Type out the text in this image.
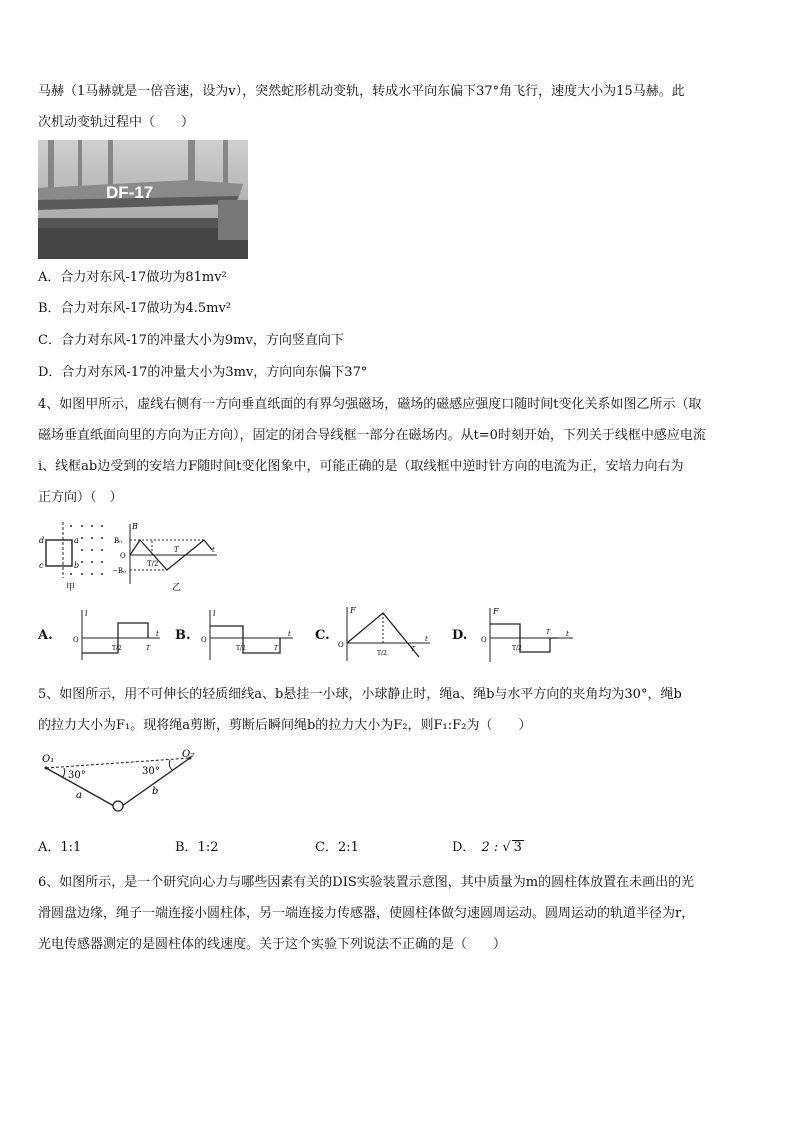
马赫（1马赫就是一倍音速，设为v），突然蛇形机动变轨，转成水平向东偏下37°角飞行，速度大小为15马赫。此
次机动变轨过程中（　　）
DF-17
A．合力对东风-17做功为81mv²
B．合力对东风-17做功为4.5mv²
C．合力对东风-17的冲量大小为9mv，方向竖直向下
D．合力对东风-17的冲量大小为3mv，方向向东偏下37°
4、如图甲所示，虚线右侧有一方向垂直纸面的有界匀强磁场，磁场的磁感应强度口随时间t变化关系如图乙所示（取
磁场垂直纸面向里的方向为正方向），固定的闭合导线框一部分在磁场内。从t=0时刻开始，下列关于线框中感应电流
i、线框ab边受到的安培力F随时间t变化图象中，可能正确的是（取线框中逆时针方向的电流为正，安培力向右为
正方向）（　）
d	a
c	b
甲
B
B₀
O
−B₀
T/2
T	t
乙
A.
i
O
T/2	T
t B.
i
O
T/2	T
t C.
F
O
T/2
T
t D.
F
O
T/2
T t
5、如图所示，用不可伸长的轻质细线a、b悬挂一小球，小球静止时，绳a、绳b与水平方向的夹角均为30°，绳b
的拉力大小为F₁。现将绳a剪断，剪断后瞬间绳b的拉力大小为F₂，则F₁:F₂为（　　）
O₁	O₂
30°	30°
a	b
A．1:1	B．1:2	C．2:1	D． 2 : √ 3
6、如图所示，是一个研究向心力与哪些因素有关的DIS实验装置示意图，其中质量为m的圆柱体放置在未画出的光
滑圆盘边缘，绳子一端连接小圆柱体，另一端连接力传感器，使圆柱体做匀速圆周运动。圆周运动的轨道半径为r，
光电传感器测定的是圆柱体的线速度。关于这个实验下列说法不正确的是（　　）
